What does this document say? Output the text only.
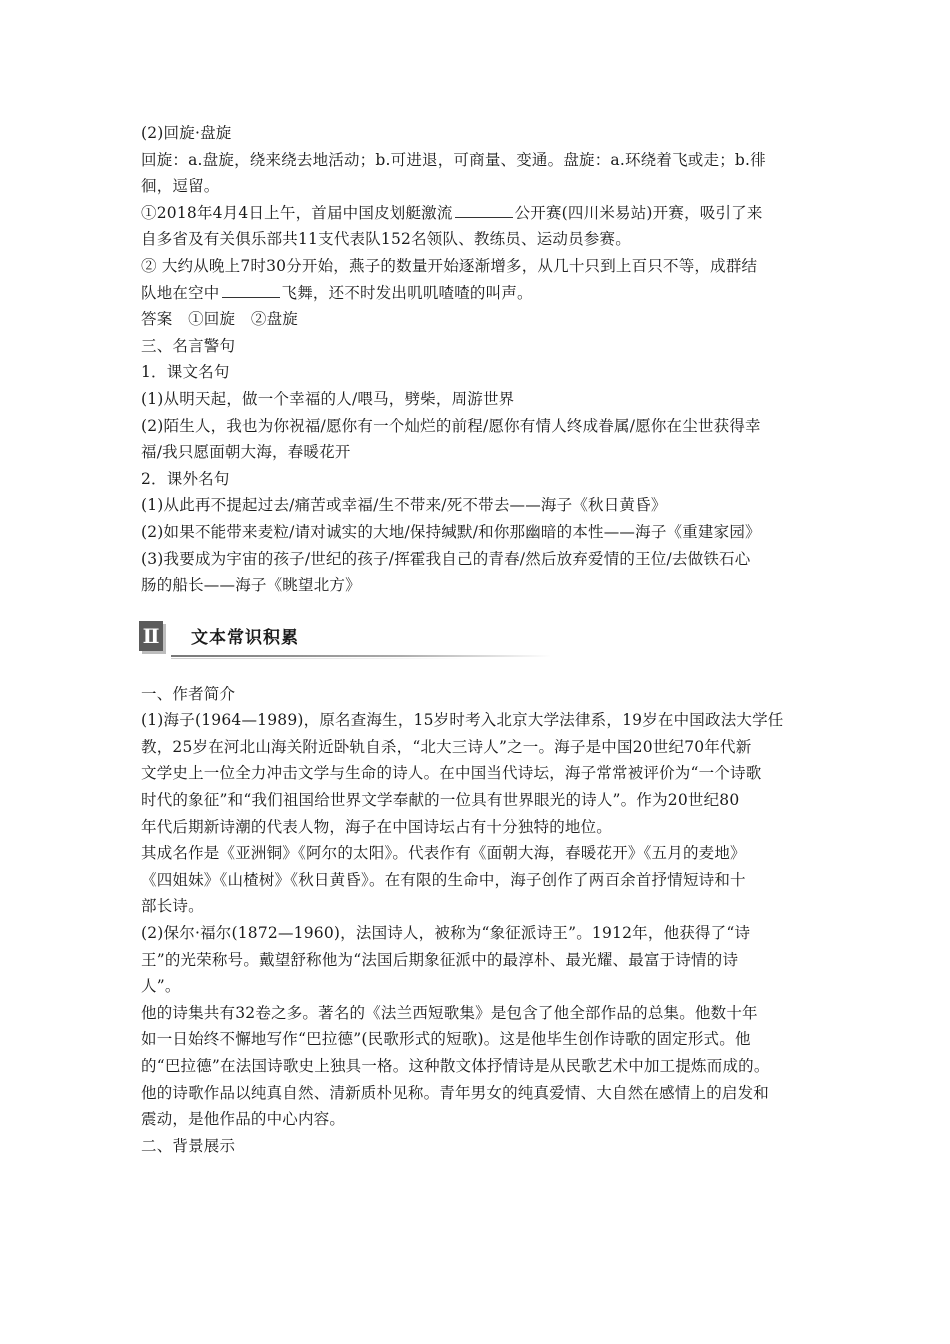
(2)回旋·盘旋
回旋：a.盘旋，绕来绕去地活动；b.可进退，可商量、变通。盘旋：a.环绕着飞或走；b.徘
徊，逗留。
①2018年4月4日上午，首届中国皮划艇激流	公开赛(四川米易站)开赛，吸引了来
自多省及有关俱乐部共11支代表队152名领队、教练员、运动员参赛。
② 大约从晚上7时30分开始，燕子的数量开始逐渐增多，从几十只到上百只不等，成群结
队地在空中	飞舞，还不时发出叽叽喳喳的叫声。
答案　①回旋　②盘旋
三、名言警句
1．课文名句
(1)从明天起，做一个幸福的人/喂马，劈柴，周游世界
(2)陌生人，我也为你祝福/愿你有一个灿烂的前程/愿你有情人终成眷属/愿你在尘世获得幸
福/我只愿面朝大海，春暖花开
2．课外名句
(1)从此再不提起过去/痛苦或幸福/生不带来/死不带去——海子《秋日黄昏》
(2)如果不能带来麦粒/请对诚实的大地/保持缄默/和你那幽暗的本性——海子《重建家园》
(3)我要成为宇宙的孩子/世纪的孩子/挥霍我自己的青春/然后放弃爱情的王位/去做铁石心
肠的船长——海子《眺望北方》
Ⅱ 文本常识积累
一、作者简介
(1)海子(1964—1989)，原名查海生，15岁时考入北京大学法律系，19岁在中国政法大学任
教，25岁在河北山海关附近卧轨自杀，“北大三诗人”之一。海子是中国20世纪70年代新
文学史上一位全力冲击文学与生命的诗人。在中国当代诗坛，海子常常被评价为“一个诗歌
时代的象征”和“我们祖国给世界文学奉献的一位具有世界眼光的诗人”。作为20世纪80
年代后期新诗潮的代表人物，海子在中国诗坛占有十分独特的地位。
其成名作是《亚洲铜》《阿尔的太阳》。代表作有《面朝大海，春暖花开》《五月的麦地》
《四姐妹》《山楂树》《秋日黄昏》。在有限的生命中，海子创作了两百余首抒情短诗和十
部长诗。
(2)保尔·福尔(1872—1960)，法国诗人，被称为“象征派诗王”。1912年，他获得了“诗
王”的光荣称号。戴望舒称他为“法国后期象征派中的最淳朴、最光耀、最富于诗情的诗
人”。
他的诗集共有32卷之多。著名的《法兰西短歌集》是包含了他全部作品的总集。他数十年
如一日始终不懈地写作“巴拉德”(民歌形式的短歌)。这是他毕生创作诗歌的固定形式。他
的“巴拉德”在法国诗歌史上独具一格。这种散文体抒情诗是从民歌艺术中加工提炼而成的。
他的诗歌作品以纯真自然、清新质朴见称。青年男女的纯真爱情、大自然在感情上的启发和
震动，是他作品的中心内容。
二、背景展示
